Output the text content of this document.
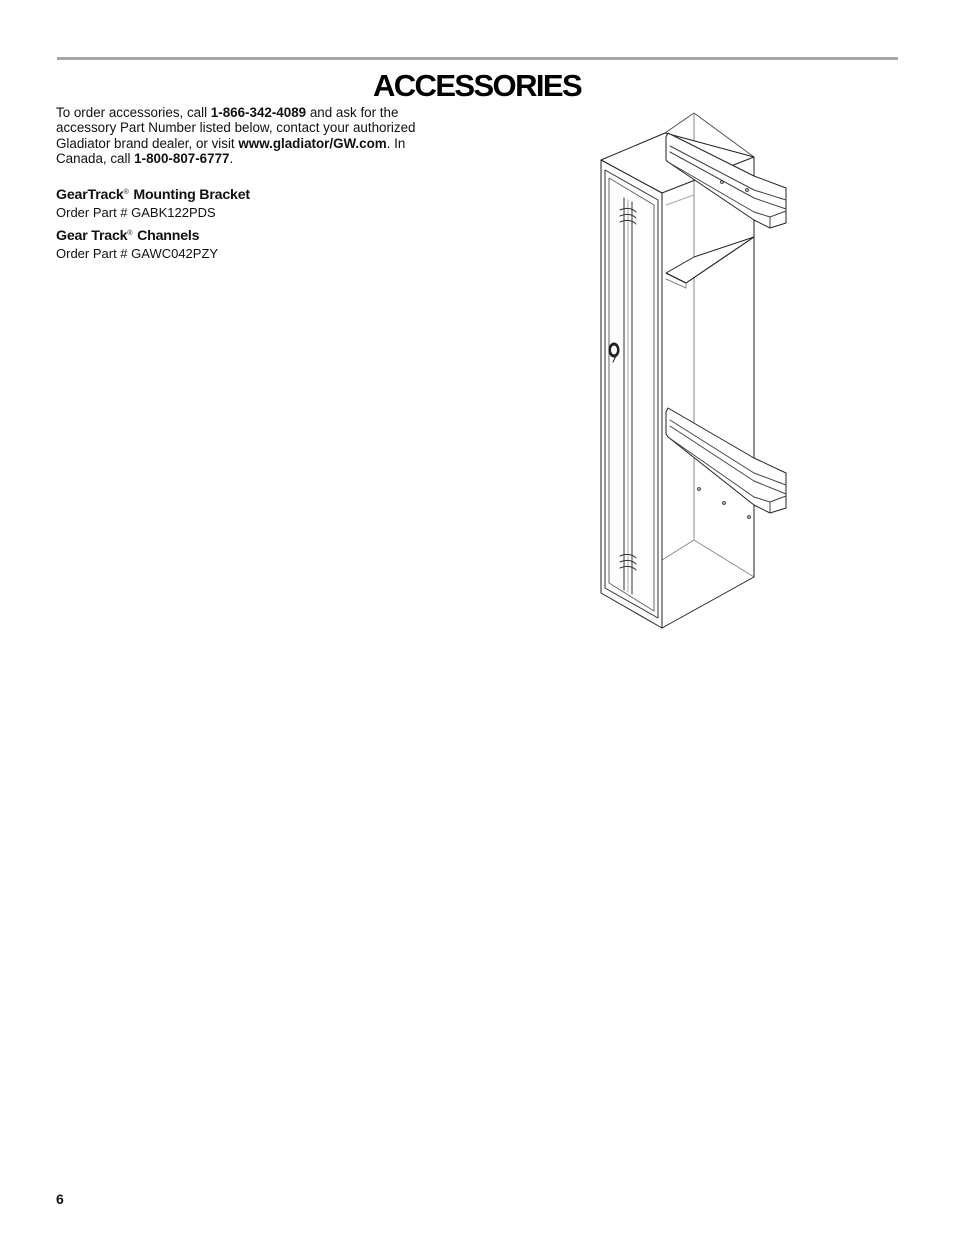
ACCESSORIES

To order accessories, call 1-866-342-4089 and ask for the accessory Part Number listed below, contact your authorized Gladiator brand dealer, or visit www.gladiator/GW.com. In Canada, call 1-800-807-6777.

GearTrack® Mounting Bracket

Order Part # GABK122PDS

Gear Track® Channels

Order Part # GAWC042PZY

6
